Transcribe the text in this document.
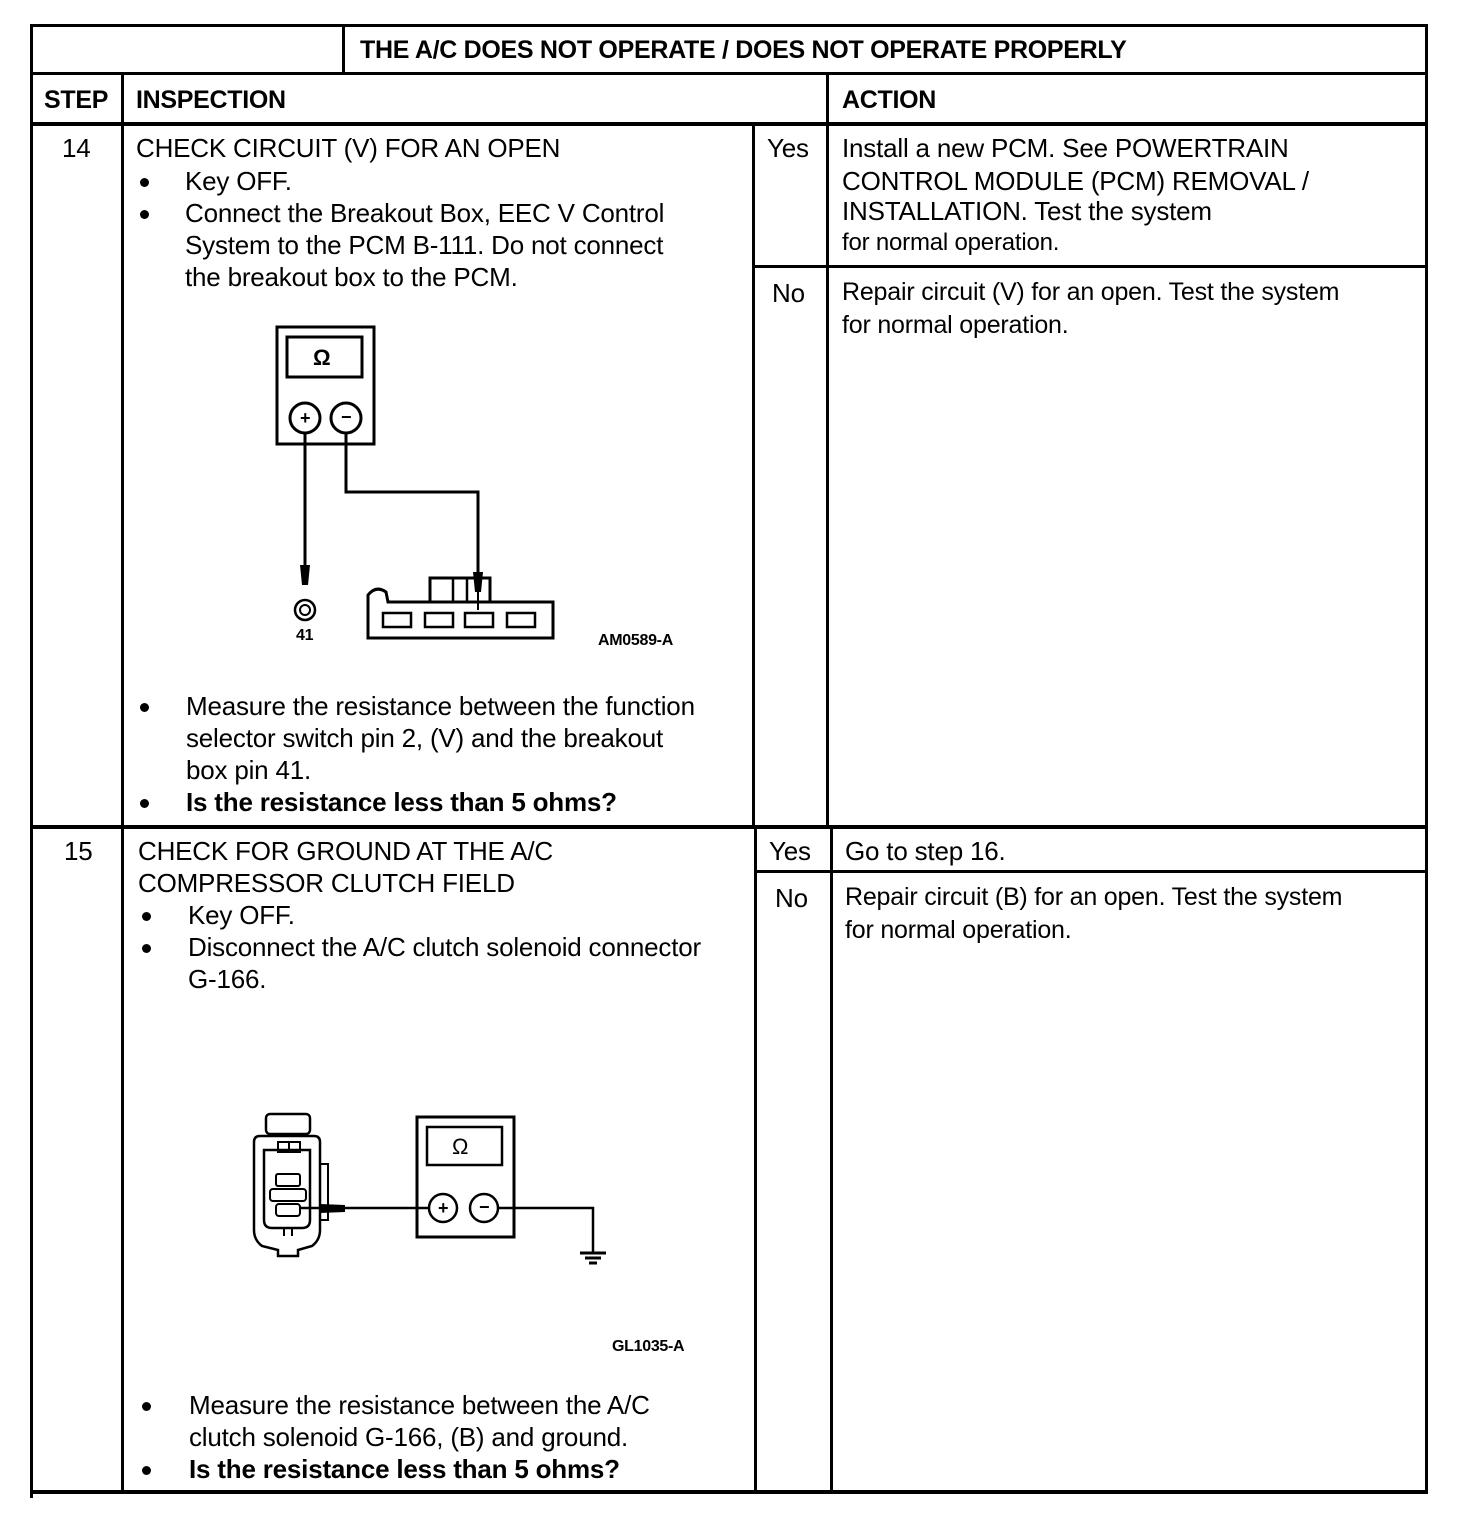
THE A/C DOES NOT OPERATE / DOES NOT OPERATE PROPERLY
STEP INSPECTION	ACTION
14 CHECK CIRCUIT (V) FOR AN OPEN
Key OFF.
Connect the Breakout Box, EEC V Control
System to the PCM B-111. Do not connect
the breakout box to the PCM.
Ω
+ −
41	AM0589-A
Measure the resistance between the function
selector switch pin 2, (V) and the breakout
box pin 41.
Is the resistance less than 5 ohms?
Yes Install a new PCM. See POWERTRAIN
CONTROL MODULE (PCM) REMOVAL /
INSTALLATION. Test the system
for normal operation.
No Repair circuit (V) for an open. Test the system
for normal operation.
15 CHECK FOR GROUND AT THE A/C
COMPRESSOR CLUTCH FIELD
Key OFF.
Disconnect the A/C clutch solenoid connector
G-166.
Ω
+ −
GL1035-A
Measure the resistance between the A/C
clutch solenoid G-166, (B) and ground.
Is the resistance less than 5 ohms?
Yes Go to step 16.
No Repair circuit (B) for an open. Test the system
for normal operation.
